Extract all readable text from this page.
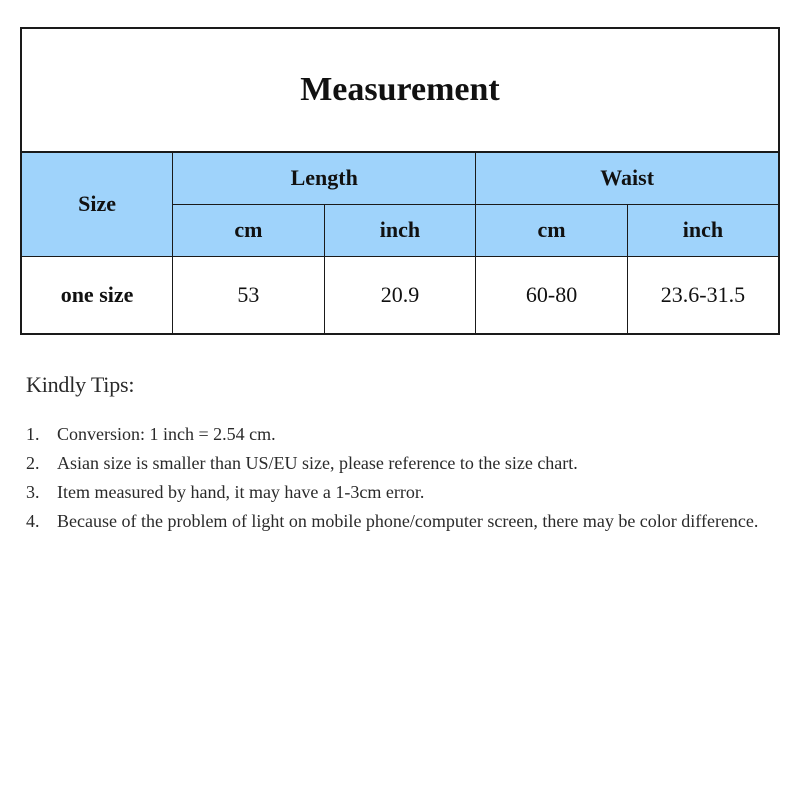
Measurement				
Size	Length		Waist	
	cm	inch	cm	inch
one size	53	20.9	60-80	23.6-31.5
Kindly Tips:
1. Conversion: 1 inch = 2.54 cm.
2. Asian size is smaller than US/EU size, please reference to the size chart.
3. Item measured by hand, it may have a 1-3cm error.
4. Because of the problem of light on mobile phone/computer screen, there may be color difference.
